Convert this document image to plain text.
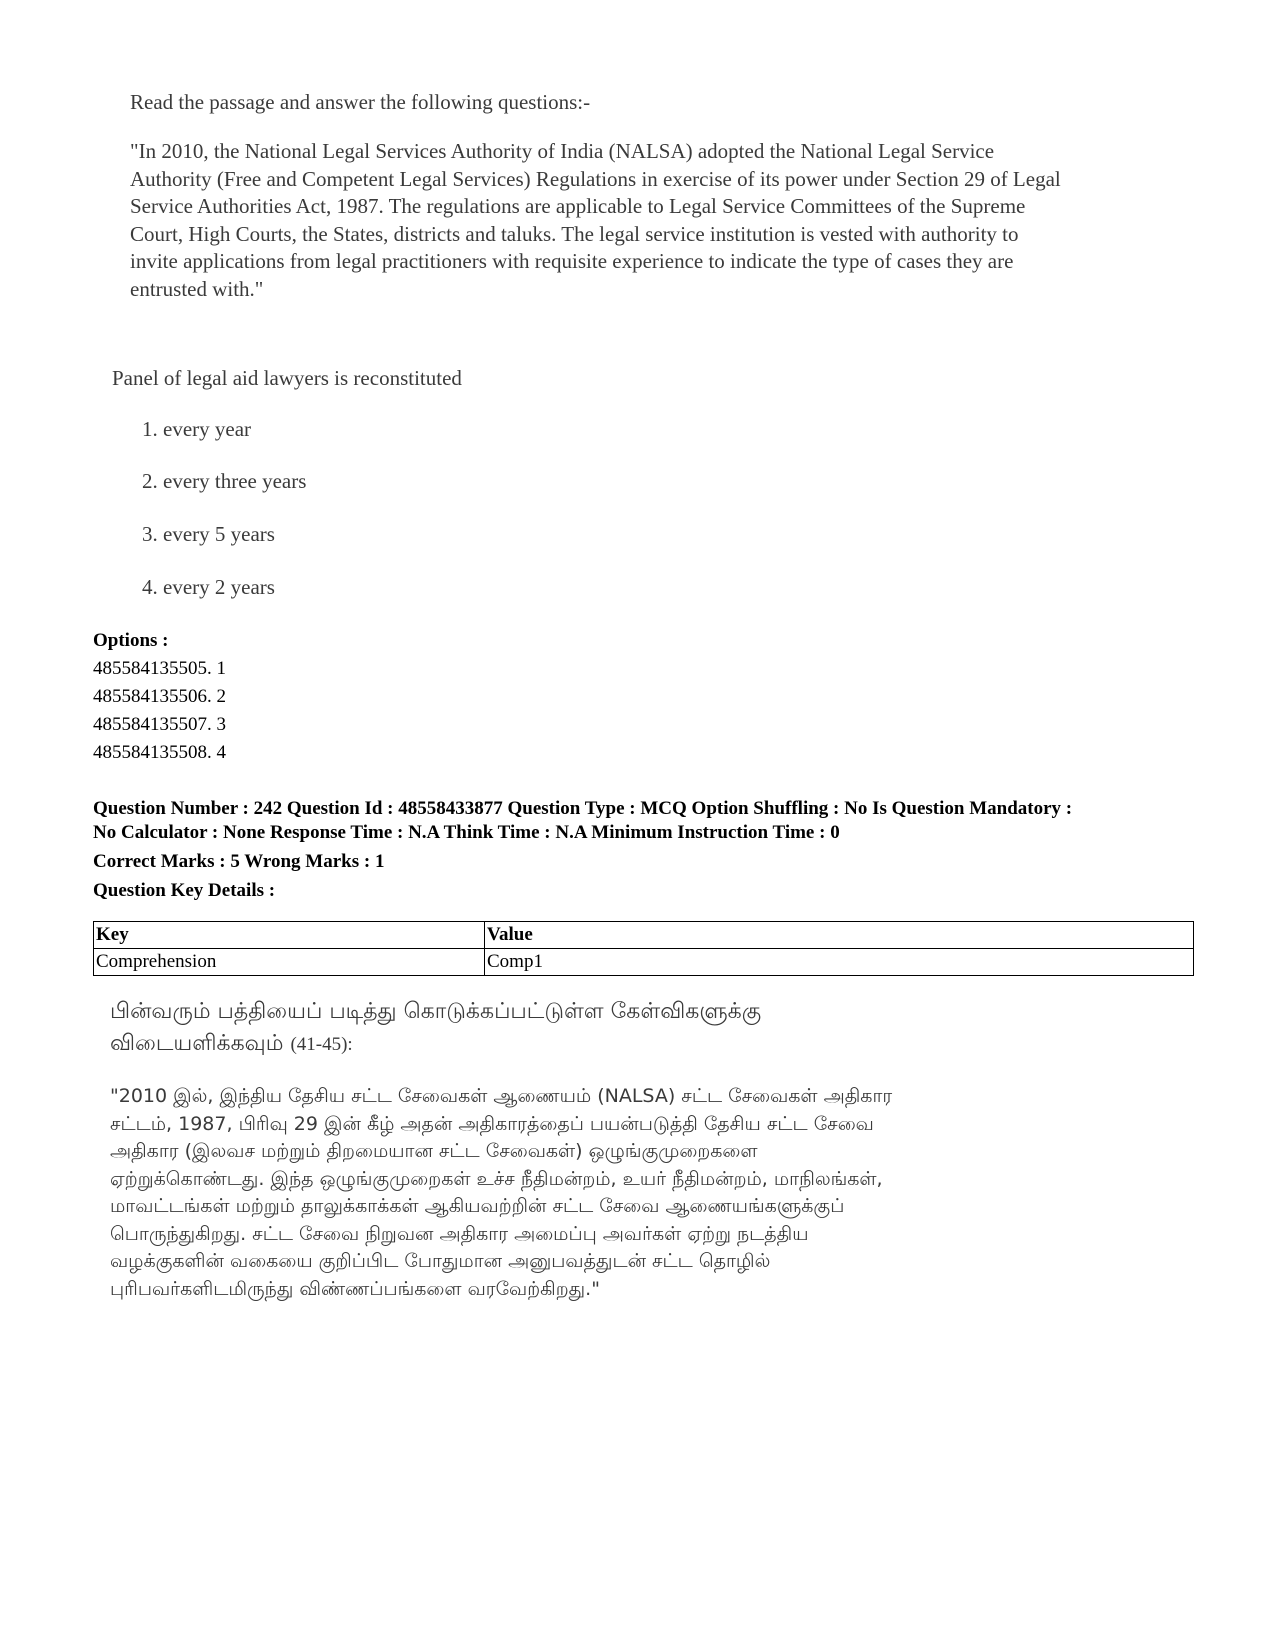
Read the passage and answer the following questions:-
"In 2010, the National Legal Services Authority of India (NALSA) adopted the National Legal Service
Authority (Free and Competent Legal Services) Regulations in exercise of its power under Section 29 of Legal
Service Authorities Act, 1987. The regulations are applicable to Legal Service Committees of the Supreme
Court, High Courts, the States, districts and taluks. The legal service institution is vested with authority to
invite applications from legal practitioners with requisite experience to indicate the type of cases they are
entrusted with."
Panel of legal aid lawyers is reconstituted
1. every year
2. every three years
3. every 5 years
4. every 2 years
Options :
485584135505. 1
485584135506. 2
485584135507. 3
485584135508. 4
Question Number : 242 Question Id : 48558433877 Question Type : MCQ Option Shuffling : No Is Question Mandatory :
No Calculator : None Response Time : N.A Think Time : N.A Minimum Instruction Time : 0
Correct Marks : 5 Wrong Marks : 1
Question Key Details :
Key	Value
Comprehension	Comp1
பின்வரும் பத்தியைப் படித்து கொடுக்கப்பட்டுள்ள கேள்விகளுக்கு
விடையளிக்கவும் (41-45):
"2010 இல், இந்திய தேசிய சட்ட சேவைகள் ஆணையம் (NALSA) சட்ட சேவைகள் அதிகார
சட்டம், 1987, பிரிவு 29 இன் கீழ் அதன் அதிகாரத்தைப் பயன்படுத்தி தேசிய சட்ட சேவை
அதிகார (இலவச மற்றும் திறமையான சட்ட சேவைகள்) ஒழுங்குமுறைகளை
ஏற்றுக்கொண்டது. இந்த ஒழுங்குமுறைகள் உச்ச நீதிமன்றம், உயர் நீதிமன்றம், மாநிலங்கள்,
மாவட்டங்கள் மற்றும் தாலுக்காக்கள் ஆகியவற்றின் சட்ட சேவை ஆணையங்களுக்குப்
பொருந்துகிறது. சட்ட சேவை நிறுவன அதிகார அமைப்பு அவர்கள் ஏற்று நடத்திய
வழக்குகளின் வகையை குறிப்பிட போதுமான அனுபவத்துடன் சட்ட தொழில்
புரிபவர்களிடமிருந்து விண்ணப்பங்களை வரவேற்கிறது."
